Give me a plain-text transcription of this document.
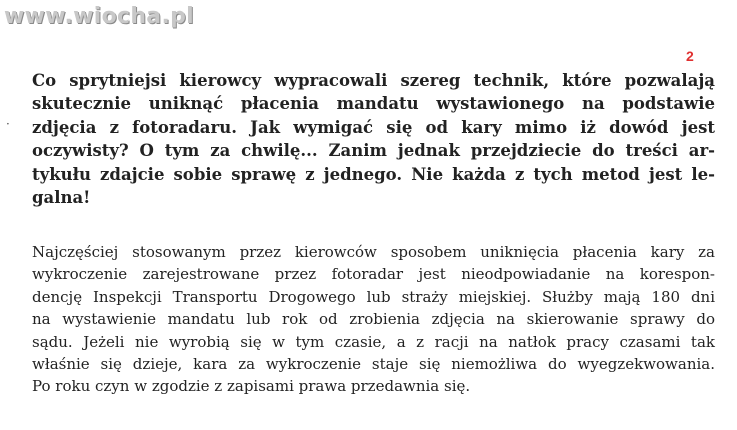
www.wiocha.pl
2
·
Co sprytniejsi kierowcy wypracowali szereg technik, które pozwalają
skutecznie uniknąć płacenia mandatu wystawionego na podstawie
zdjęcia z fotoradaru. Jak wymigać się od kary mimo iż dowód jest
oczywisty? O tym za chwilę... Zanim jednak przejdziecie do treści ar-
tykułu zdajcie sobie sprawę z jednego. Nie każda z tych metod jest le-
galna!
Najczęściej stosowanym przez kierowców sposobem uniknięcia płacenia kary za
wykroczenie zarejestrowane przez fotoradar jest nieodpowiadanie na korespon-
dencję Inspekcji Transportu Drogowego lub straży miejskiej. Służby mają 180 dni
na wystawienie mandatu lub rok od zrobienia zdjęcia na skierowanie sprawy do
sądu. Jeżeli nie wyrobią się w tym czasie, a z racji na natłok pracy czasami tak
właśnie się dzieje, kara za wykroczenie staje się niemożliwa do wyegzekwowania.
Po roku czyn w zgodzie z zapisami prawa przedawnia się.
